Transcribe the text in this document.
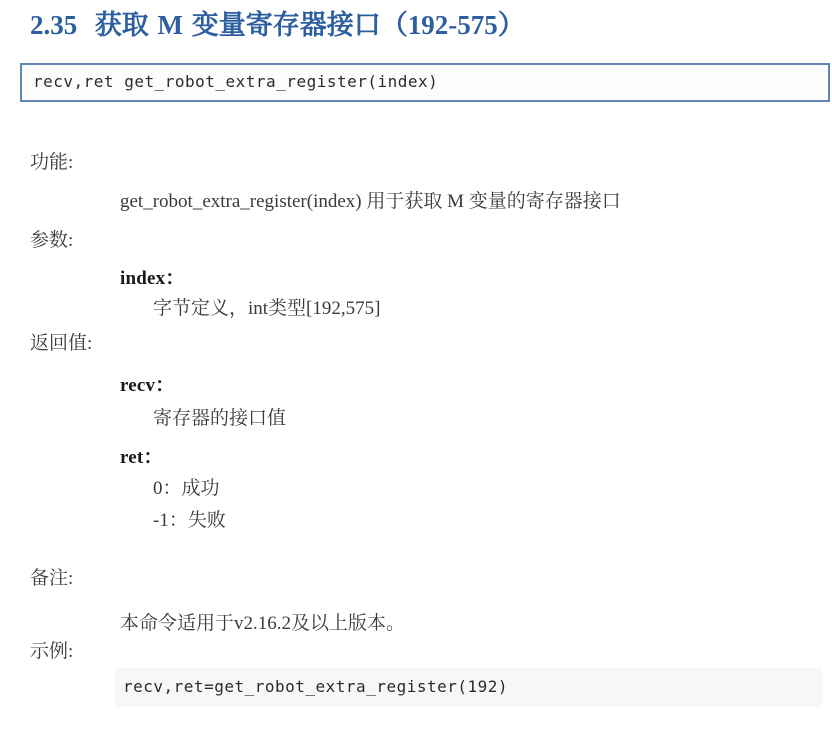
2.35  获取 M 变量寄存器接口（192-575）
recv,ret get_robot_extra_register(index)
功能:
get_robot_extra_register(index) 用于获取 M 变量的寄存器接口
参数:
index：
字节定义，int类型[192,575]
返回值:
recv：
寄存器的接口值
ret：
0：成功
-1：失败
备注:
本命令适用于v2.16.2及以上版本。
示例:
recv,ret=get_robot_extra_register(192)
